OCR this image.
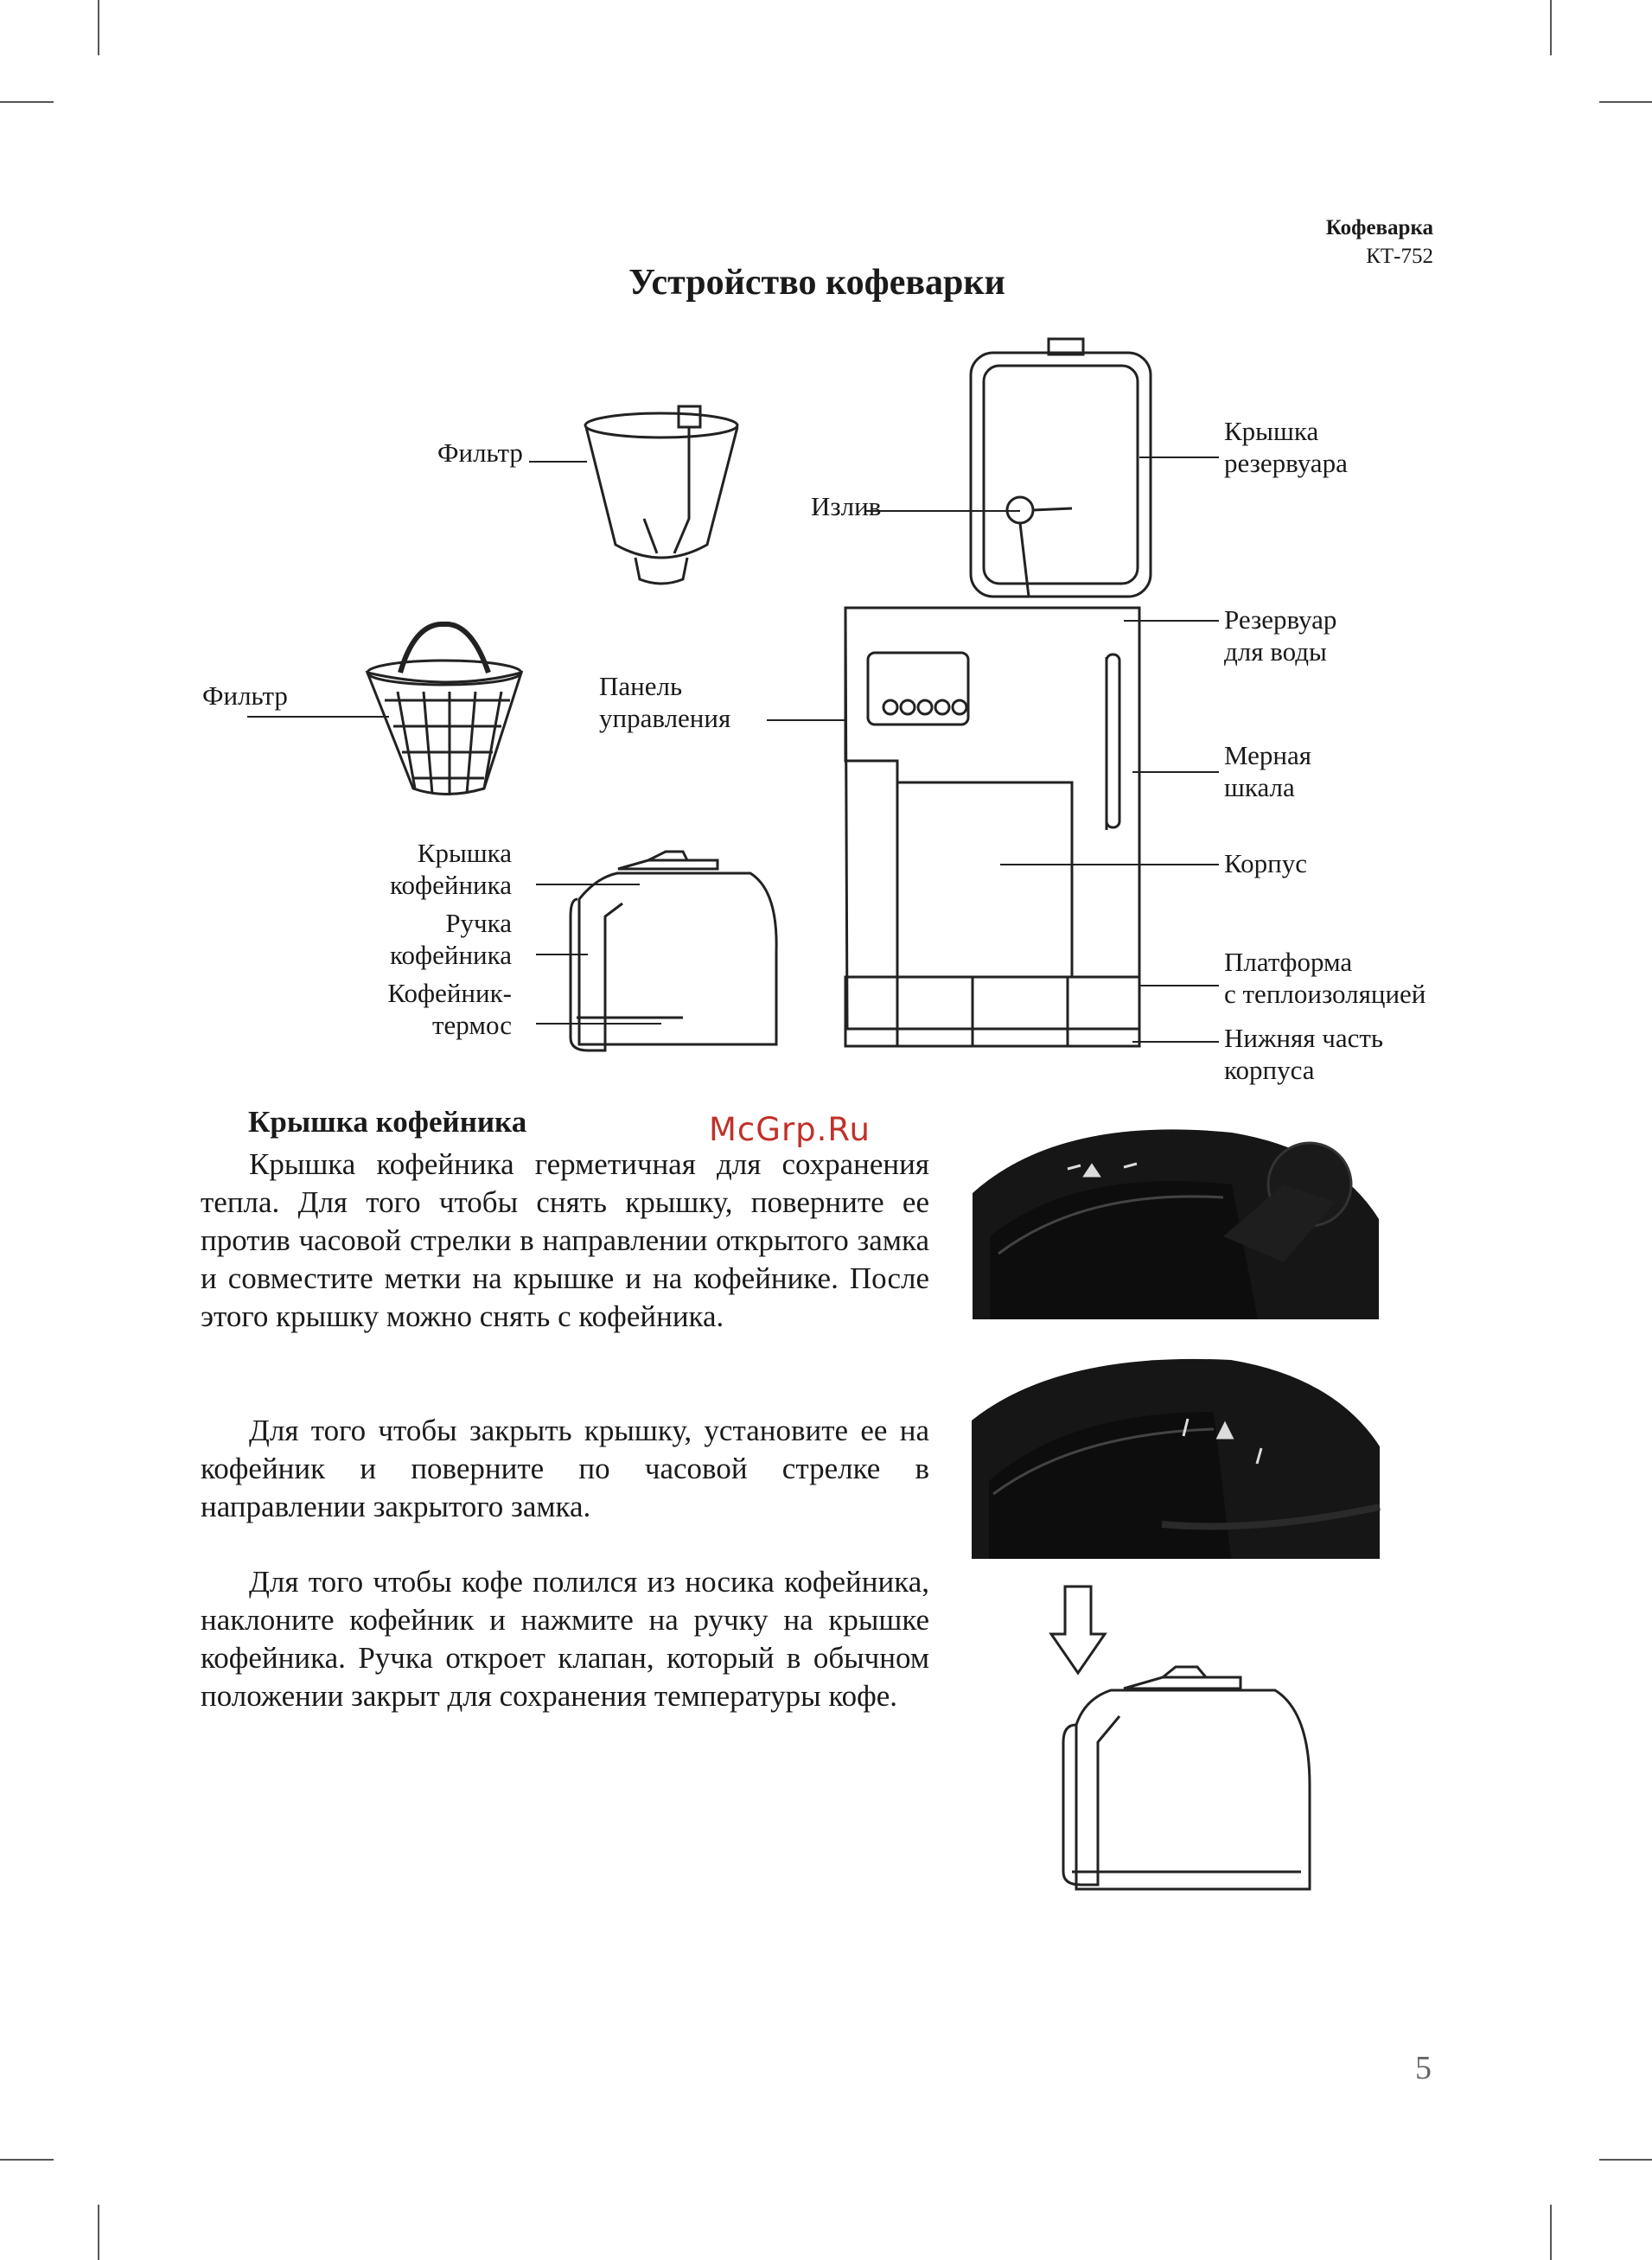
Кофеварка
КТ-752
Устройство кофеварки
Фильтр
Излив
Фильтр	Панель
управления
Крышка
кофейника
Ручка
кофейника
Кофейник-
термос
Крышка
резервуара
Резервуар
для воды
Мерная
шкала
Корпус
Платформа
с теплоизоляцией
Нижняя часть
корпуса
McGrp.Ru
Крышка кофейника
Крышка кофейника герметичная для сохранения тепла. Для того чтобы снять крышку, поверните ее против часовой стрелки в направлении открытого замка и совместите метки на крышке и на кофейнике. После этого крышку можно снять с кофейника.
Для того чтобы закрыть крышку, установите ее на кофейник и поверните по часовой стрелке в направлении закрытого замка.
Для того чтобы кофе полился из носика кофейника, наклоните кофейник и нажмите на ручку на крышке кофейника. Ручка откроет клапан, который в обычном положении закрыт для сохранения температуры кофе.
5
